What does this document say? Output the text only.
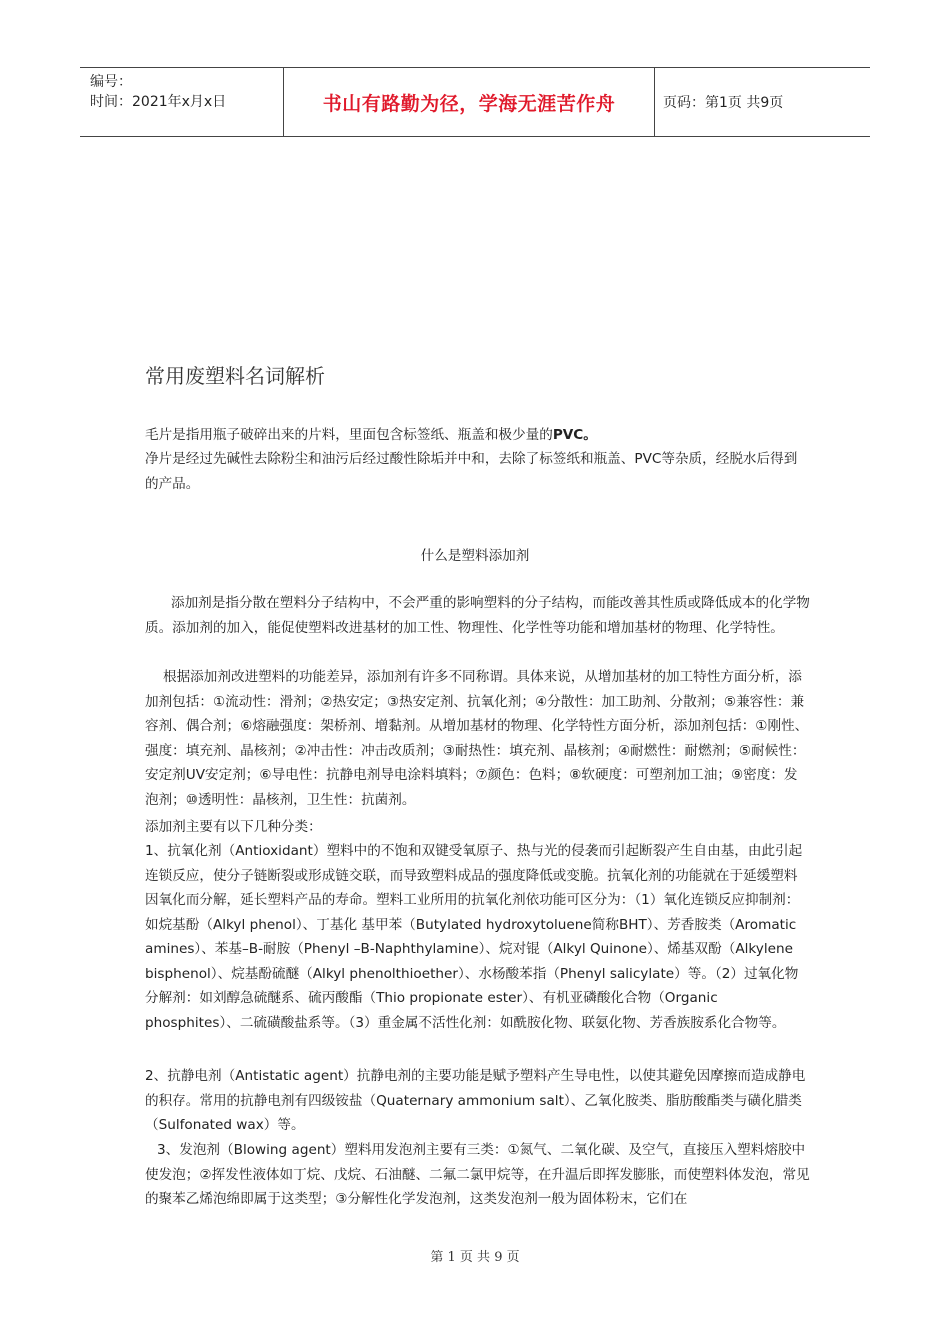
编号：
时间：2021年x月x日	书山有路勤为径，学海无涯苦作舟	页码：第1页 共9页
常用废塑料名词解析
毛片是指用瓶子破碎出来的片料，里面包含标签纸、瓶盖和极少量的PVC。
净片是经过先碱性去除粉尘和油污后经过酸性除垢并中和，去除了标签纸和瓶盖、PVC等杂质，经脱水后得到的产品。
什么是塑料添加剂
添加剂是指分散在塑料分子结构中，不会严重的影响塑料的分子结构，而能改善其性质或降低成本的化学物质。添加剂的加入，能促使塑料改进基材的加工性、物理性、化学性等功能和增加基材的物理、化学特性。
根据添加剂改进塑料的功能差异，添加剂有许多不同称谓。具体来说，从增加基材的加工特性方面分析，添加剂包括：①流动性：滑剂；②热安定；③热安定剂、抗氧化剂；④分散性：加工助剂、分散剂；⑤兼容性：兼容剂、偶合剂；⑥熔融强度：架桥剂、增黏剂。从增加基材的物理、化学特性方面分析，添加剂包括：①刚性、强度：填充剂、晶核剂；②冲击性：冲击改质剂；③耐热性：填充剂、晶核剂；④耐燃性：耐燃剂；⑤耐候性：安定剂UV安定剂；⑥导电性：抗静电剂导电涂料填料；⑦颜色：色料；⑧软硬度：可塑剂加工油；⑨密度：发泡剂；⑩透明性：晶核剂，卫生性：抗菌剂。
添加剂主要有以下几种分类：
1、抗氧化剂（Antioxidant）塑料中的不饱和双键受氧原子、热与光的侵袭而引起断裂产生自由基，由此引起连锁反应，使分子链断裂或形成链交联，而导致塑料成品的强度降低或变脆。抗氧化剂的功能就在于延缓塑料因氧化而分解，延长塑料产品的寿命。塑料工业所用的抗氧化剂依功能可区分为：（1）氧化连锁反应抑制剂：如烷基酚（Alkyl phenol）、丁基化 基甲苯（Butylated hydroxytoluene简称BHT）、芳香胺类（Aromatic amines）、苯基–B-耐胺（Phenyl –B-Naphthylamine）、烷对锟（Alkyl Quinone）、烯基双酚（Alkylene bisphenol）、烷基酚硫醚（Alkyl phenolthioether）、水杨酸苯指（Phenyl salicylate）等。（2）过氧化物分解剂：如刘醇急硫醚系、硫丙酸酯（Thio propionate ester）、有机亚磷酸化合物（Organic phosphites）、二硫磺酸盐系等。（3）重金属不活性化剂：如酰胺化物、联氨化物、芳香族胺系化合物等。
2、抗静电剂（Antistatic agent）抗静电剂的主要功能是赋予塑料产生导电性，以使其避免因摩擦而造成静电的积存。常用的抗静电剂有四级铵盐（Quaternary ammonium salt）、乙氧化胺类、脂肪酸酯类与磺化腊类（Sulfonated wax）等。
3、发泡剂（Blowing agent）塑料用发泡剂主要有三类：①氮气、二氧化碳、及空气，直接压入塑料熔胶中使发泡；②挥发性液体如丁烷、戊烷、石油醚、二氟二氯甲烷等，在升温后即挥发膨胀，而使塑料体发泡，常见的聚苯乙烯泡绵即属于这类型；③分解性化学发泡剂，这类发泡剂一般为固体粉末，它们在
第 1 页 共 9 页
